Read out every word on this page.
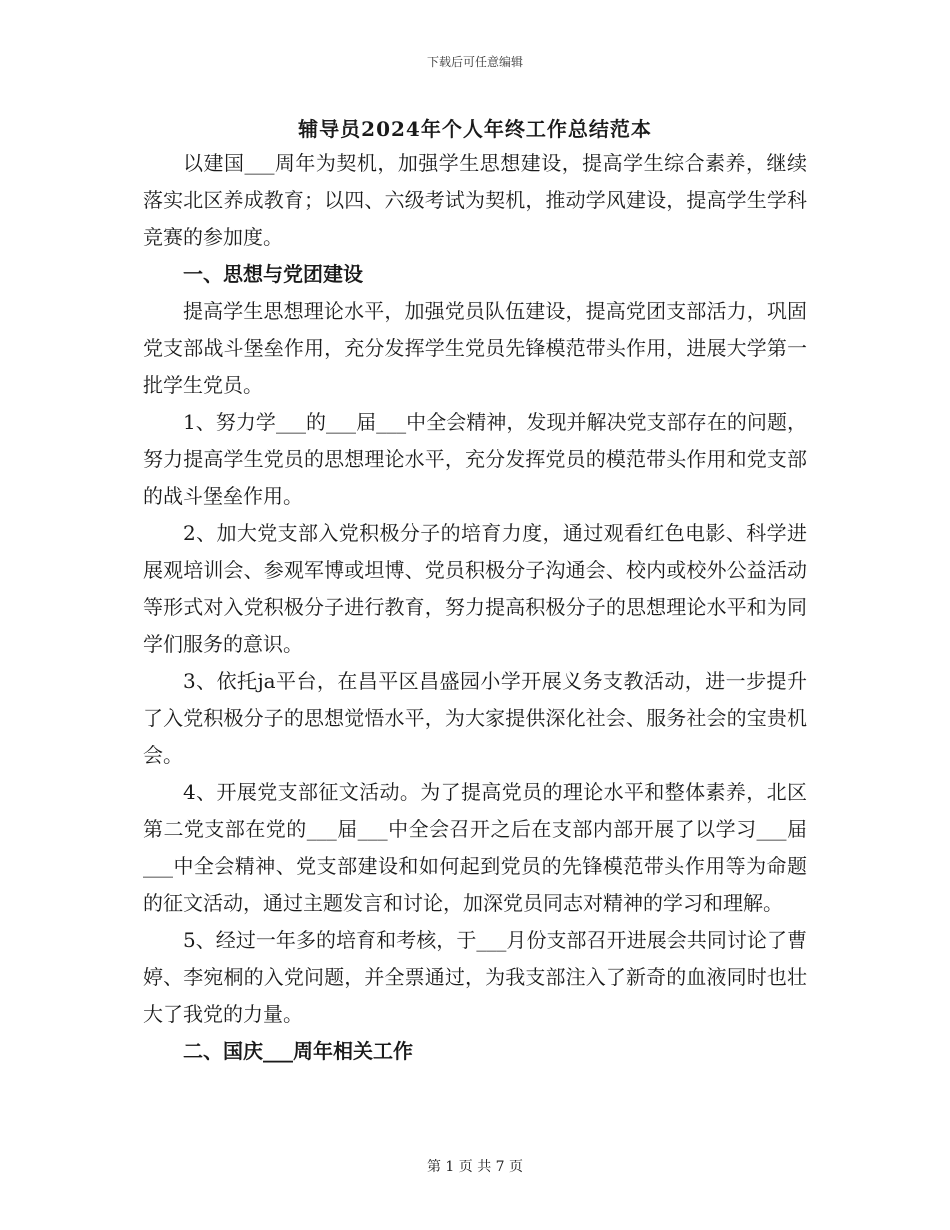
下载后可任意编辑
辅导员2024年个人年终工作总结范本

以建国___周年为契机，加强学生思想建设，提高学生综合素养，继续落实北区养成教育；以四、六级考试为契机，推动学风建设，提高学生学科竞赛的参加度。

一、思想与党团建设

提高学生思想理论水平，加强党员队伍建设，提高党团支部活力，巩固党支部战斗堡垒作用，充分发挥学生党员先锋模范带头作用，进展大学第一批学生党员。

1、努力学___的___届___中全会精神，发现并解决党支部存在的问题，努力提高学生党员的思想理论水平，充分发挥党员的模范带头作用和党支部的战斗堡垒作用。

2、加大党支部入党积极分子的培育力度，通过观看红色电影、科学进展观培训会、参观军博或坦博、党员积极分子沟通会、校内或校外公益活动等形式对入党积极分子进行教育，努力提高积极分子的思想理论水平和为同学们服务的意识。

3、依托ja平台，在昌平区昌盛园小学开展义务支教活动，进一步提升了入党积极分子的思想觉悟水平，为大家提供深化社会、服务社会的宝贵机会。

4、开展党支部征文活动。为了提高党员的理论水平和整体素养，北区第二党支部在党的___届___中全会召开之后在支部内部开展了以学习___届___中全会精神、党支部建设和如何起到党员的先锋模范带头作用等为命题的征文活动，通过主题发言和讨论，加深党员同志对精神的学习和理解。

5、经过一年多的培育和考核，于___月份支部召开进展会共同讨论了曹婷、李宛桐的入党问题，并全票通过，为我支部注入了新奇的血液同时也壮大了我党的力量。

二、国庆___周年相关工作

第 1 页 共 7 页
